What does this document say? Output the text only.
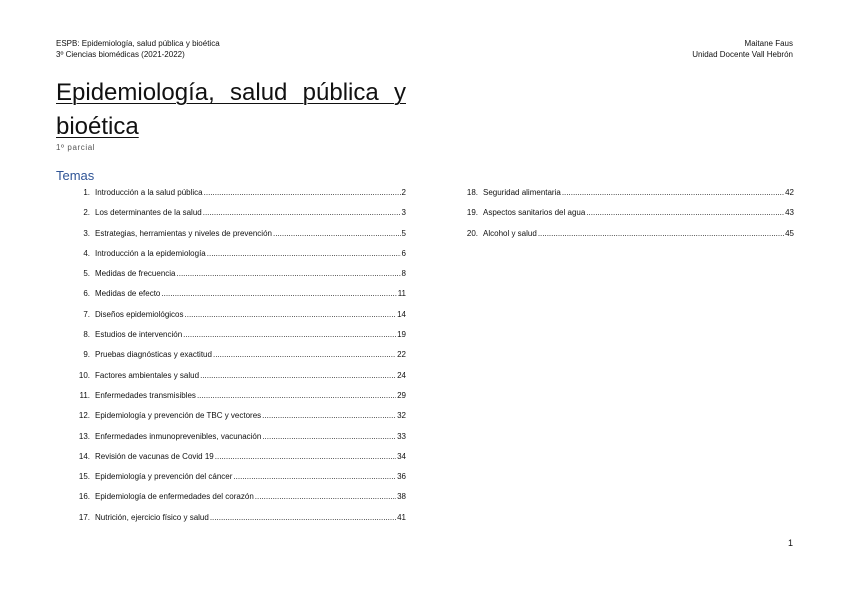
ESPB: Epidemiología, salud pública y bioética
3º Ciencias biomédicas (2021-2022)
Maitane Faus
Unidad Docente Vall Hebrón
Epidemiología, salud pública y bioética
1º parcial
Temas
1. Introducción a la salud pública .....	2
2. Los determinantes de la salud .....	3
3. Estrategias, herramientas y niveles de prevención .....	5
4. Introducción a la epidemiología .....	6
5. Medidas de frecuencia .....	8
6. Medidas de efecto .....	11
7. Diseños epidemiológicos .....	14
8. Estudios de intervención .....	19
9. Pruebas diagnósticas y exactitud .....	22
10. Factores ambientales y salud .....	24
11. Enfermedades transmisibles .....	29
12. Epidemiología y prevención de TBC y vectores .....	32
13. Enfermedades inmunoprevenibles, vacunación .....	33
14. Revisión de vacunas de Covid 19 .....	34
15. Epidemiología y prevención del cáncer .....	36
16. Epidemiología de enfermedades del corazón .....	38
17. Nutrición, ejercicio físico y salud .....	41
18. Seguridad alimentaria .....	42
19. Aspectos sanitarios del agua .....	43
20. Alcohol y salud .....	45
1
